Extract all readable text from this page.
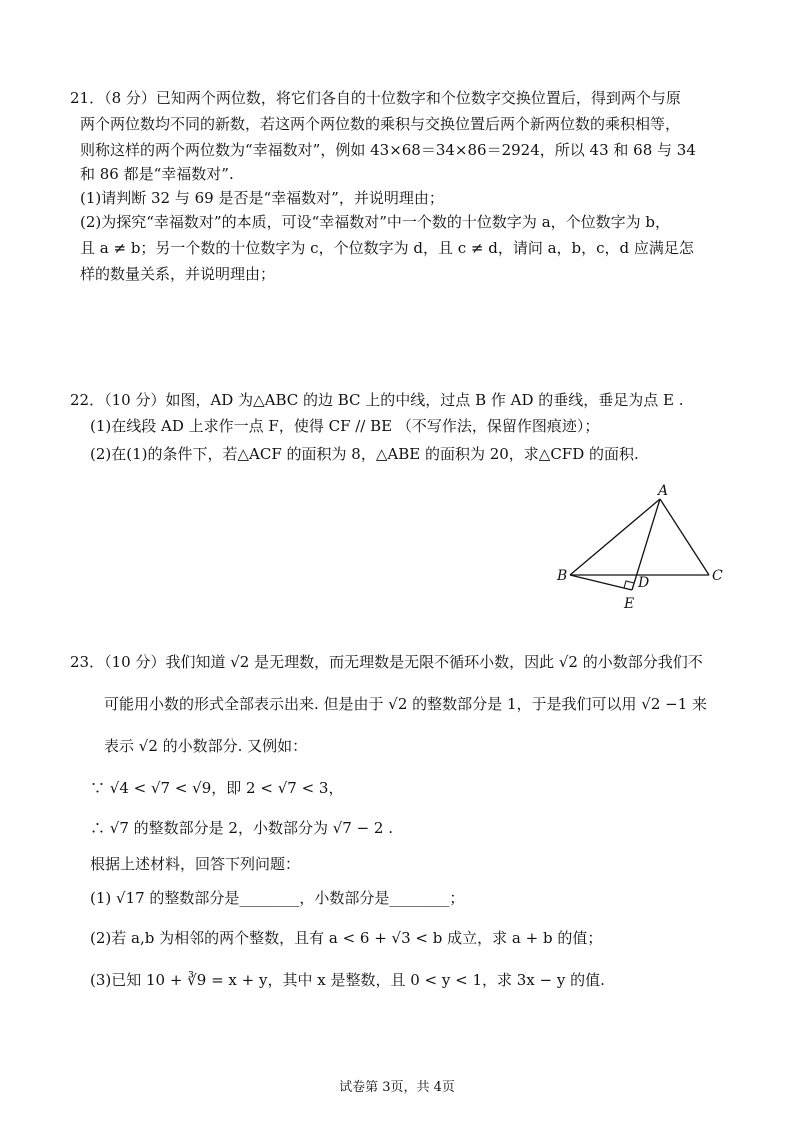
21．（8 分）已知两个两位数，将它们各自的十位数字和个位数字交换位置后，得到两个与原
两个两位数均不同的新数，若这两个两位数的乘积与交换位置后两个新两位数的乘积相等，
则称这样的两个两位数为“幸福数对”，例如 43×68＝34×86＝2924，所以 43 和 68 与 34
和 86 都是“幸福数对”.
(1)请判断 32 与 69 是否是“幸福数对”，并说明理由；
(2)为探究“幸福数对”的本质，可设“幸福数对”中一个数的十位数字为 a，个位数字为 b，
且 a ≠ b；另一个数的十位数字为 c，个位数字为 d，且 c ≠ d，请问 a，b，c，d 应满足怎
样的数量关系，并说明理由；
22．（10 分）如图，AD 为△ABC 的边 BC 上的中线，过点 B 作 AD 的垂线，垂足为点 E .
(1)在线段 AD 上求作一点 F，使得 CF // BE （不写作法，保留作图痕迹）；
(2)在(1)的条件下，若△ACF 的面积为 8，△ABE 的面积为 20，求△CFD 的面积.
A
B	C
D
E
23．（10 分）我们知道 √2 是无理数，而无理数是无限不循环小数，因此 √2 的小数部分我们不
可能用小数的形式全部表示出来. 但是由于 √2 的整数部分是 1，于是我们可以用 √2 −1 来
表示 √2 的小数部分. 又例如：
∵ √4 < √7 < √9，即 2 < √7 < 3，
∴ √7 的整数部分是 2，小数部分为 √7 − 2 .
根据上述材料，回答下列问题：
(1) √17 的整数部分是________，小数部分是________；
(2)若 a,b 为相邻的两个整数，且有 a < 6 + √3 < b 成立，求 a + b 的值；
(3)已知 10 + ∛9 = x + y，其中 x 是整数，且 0 < y < 1，求 3x − y 的值.
试卷第 3页，共 4页
